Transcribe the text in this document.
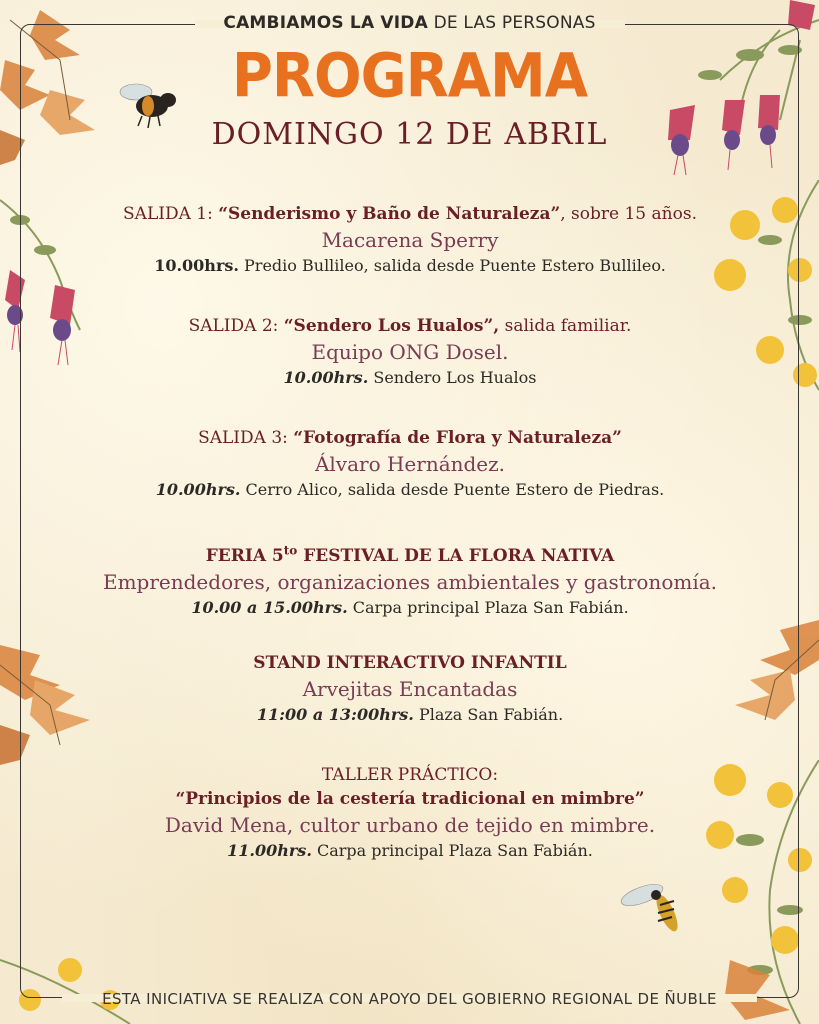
CAMBIAMOS LA VIDA DE LAS PERSONAS
PROGRAMA
DOMINGO 12 DE ABRIL
SALIDA 1: “Senderismo y Baño de Naturaleza”, sobre 15 años.
Macarena Sperry
10.00hrs. Predio Bullileo, salida desde Puente Estero Bullileo.
SALIDA 2: “Sendero Los Hualos”, salida familiar.
Equipo ONG Dosel.
10.00hrs. Sendero Los Hualos
SALIDA 3: “Fotografía de Flora y Naturaleza”
Álvaro Hernández.
10.00hrs. Cerro Alico, salida desde Puente Estero de Piedras.
FERIA $5^{to}$ FESTIVAL DE LA FLORA NATIVA
Emprendedores, organizaciones ambientales y gastronomía.
10.00 a 15.00hrs. Carpa principal Plaza San Fabián.
STAND INTERACTIVO INFANTIL
Arvejitas Encantadas
11:00 a 13:00hrs. Plaza San Fabián.
TALLER PRÁCTICO:
“Principios de la cestería tradicional en mimbre”
David Mena, cultor urbano de tejido en mimbre.
11.00hrs. Carpa principal Plaza San Fabián.
ESTA INICIATIVA SE REALIZA CON APOYO DEL GOBIERNO REGIONAL DE ÑUBLE
